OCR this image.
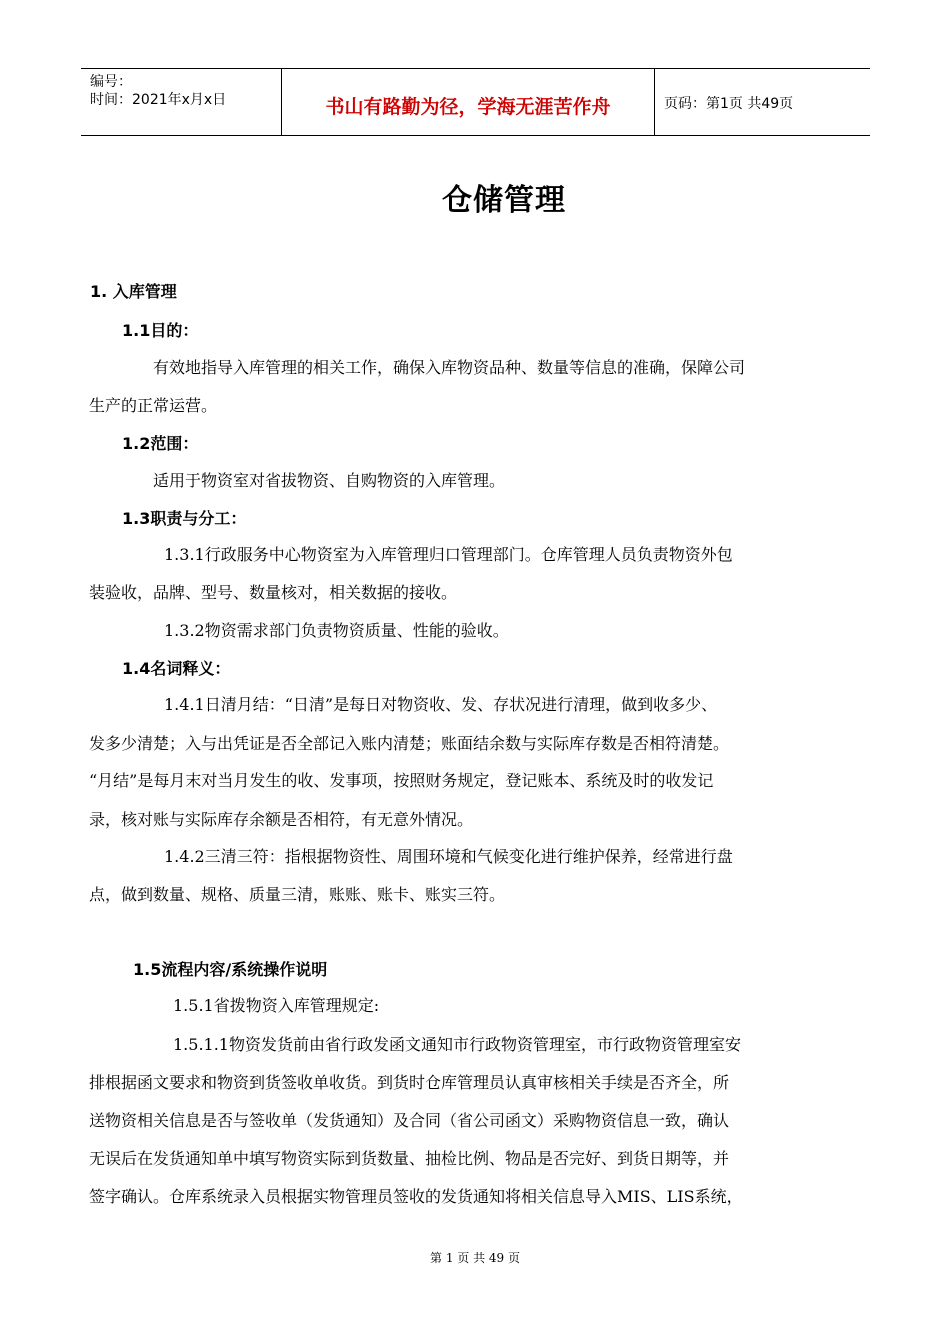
编号：
时间：2021年x月x日	书山有路勤为径，学海无涯苦作舟	页码：第1页 共49页
仓储管理
1. 入库管理
1.1目的：
有效地指导入库管理的相关工作，确保入库物资品种、数量等信息的准确，保障公司
生产的正常运营。
1.2范围：
适用于物资室对省拔物资、自购物资的入库管理。
1.3职责与分工：
1.3.1行政服务中心物资室为入库管理归口管理部门。仓库管理人员负责物资外包
装验收，品牌、型号、数量核对，相关数据的接收。
1.3.2物资需求部门负责物资质量、性能的验收。
1.4名词释义：
1.4.1日清月结：“日清”是每日对物资收、发、存状况进行清理，做到收多少、
发多少清楚；入与出凭证是否全部记入账内清楚；账面结余数与实际库存数是否相符清楚。
“月结”是每月末对当月发生的收、发事项，按照财务规定，登记账本、系统及时的收发记
录，核对账与实际库存余额是否相符，有无意外情况。
1.4.2三清三符：指根据物资性、周围环境和气候变化进行维护保养，经常进行盘
点，做到数量、规格、质量三清，账账、账卡、账实三符。
1.5流程内容/系统操作说明
1.5.1省拨物资入库管理规定:
1.5.1.1物资发货前由省行政发函文通知市行政物资管理室，市行政物资管理室安
排根据函文要求和物资到货签收单收货。到货时仓库管理员认真审核相关手续是否齐全，所
送物资相关信息是否与签收单（发货通知）及合同（省公司函文）采购物资信息一致，确认
无误后在发货通知单中填写物资实际到货数量、抽检比例、物品是否完好、到货日期等，并
签字确认。仓库系统录入员根据实物管理员签收的发货通知将相关信息导入MIS、LIS系统，
第 1 页 共 49 页
